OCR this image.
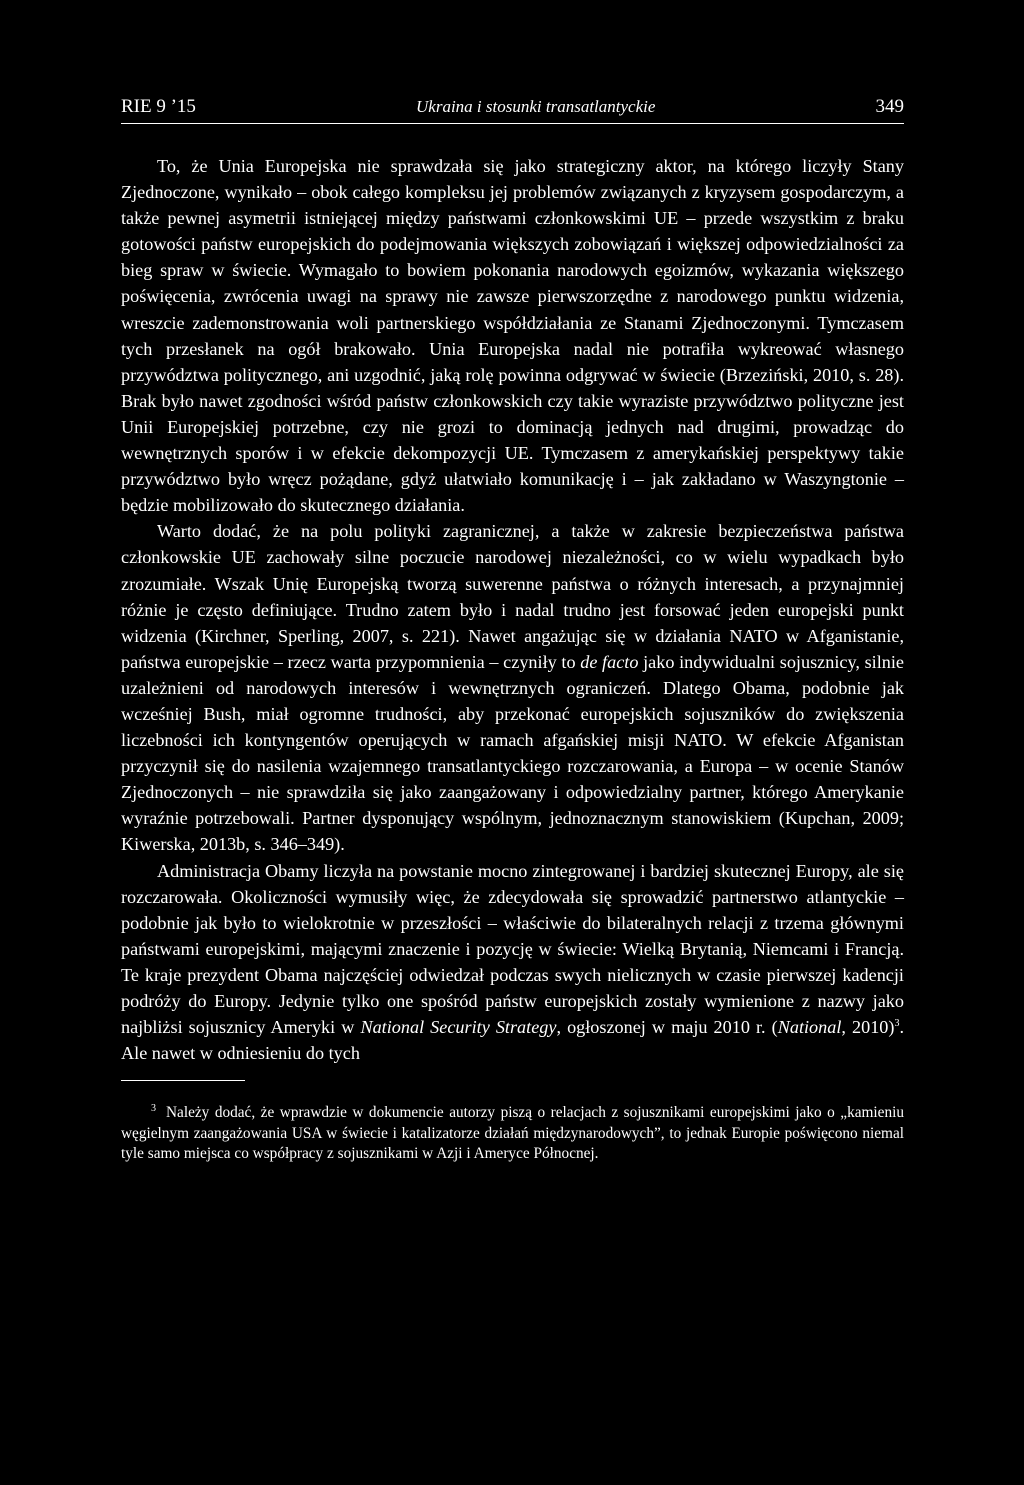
RIE 9 ’15	Ukraina i stosunki transatlantyckie	349

To, że Unia Europejska nie sprawdzała się jako strategiczny aktor, na którego liczyły Stany Zjednoczone, wynikało – obok całego kompleksu jej problemów związanych z kryzysem gospodarczym, a także pewnej asymetrii istniejącej między państwami członkowskimi UE – przede wszystkim z braku gotowości państw europejskich do podejmowania większych zobowiązań i większej odpowiedzialności za bieg spraw w świecie. Wymagało to bowiem pokonania narodowych egoizmów, wykazania większego poświęcenia, zwrócenia uwagi na sprawy nie zawsze pierwszorzędne z narodowego punktu widzenia, wreszcie zademonstrowania woli partnerskiego współdziałania ze Stanami Zjednoczonymi. Tymczasem tych przesłanek na ogół brakowało. Unia Europejska nadal nie potrafiła wykreować własnego przywództwa politycznego, ani uzgodnić, jaką rolę powinna odgrywać w świecie (Brzeziński, 2010, s. 28). Brak było nawet zgodności wśród państw członkowskich czy takie wyraziste przywództwo polityczne jest Unii Europejskiej potrzebne, czy nie grozi to dominacją jednych nad drugimi, prowadząc do wewnętrznych sporów i w efekcie dekompozycji UE. Tymczasem z amerykańskiej perspektywy takie przywództwo było wręcz pożądane, gdyż ułatwiało komunikację i – jak zakładano w Waszyngtonie – będzie mobilizowało do skutecznego działania.

Warto dodać, że na polu polityki zagranicznej, a także w zakresie bezpieczeństwa państwa członkowskie UE zachowały silne poczucie narodowej niezależności, co w wielu wypadkach było zrozumiałe. Wszak Unię Europejską tworzą suwerenne państwa o różnych interesach, a przynajmniej różnie je często definiujące. Trudno zatem było i nadal trudno jest forsować jeden europejski punkt widzenia (Kirchner, Sperling, 2007, s. 221). Nawet angażując się w działania NATO w Afganistanie, państwa europejskie – rzecz warta przypomnienia – czyniły to de facto jako indywidualni sojusznicy, silnie uzależnieni od narodowych interesów i wewnętrznych ograniczeń. Dlatego Obama, podobnie jak wcześniej Bush, miał ogromne trudności, aby przekonać europejskich sojuszników do zwiększenia liczebności ich kontyngentów operujących w ramach afgańskiej misji NATO. W efekcie Afganistan przyczynił się do nasilenia wzajemnego transatlantyckiego rozczarowania, a Europa – w ocenie Stanów Zjednoczonych – nie sprawdziła się jako zaangażowany i odpowiedzialny partner, którego Amerykanie wyraźnie potrzebowali. Partner dysponujący wspólnym, jednoznacznym stanowiskiem (Kupchan, 2009; Kiwerska, 2013b, s. 346–349).

Administracja Obamy liczyła na powstanie mocno zintegrowanej i bardziej skutecznej Europy, ale się rozczarowała. Okoliczności wymusiły więc, że zdecydowała się sprowadzić partnerstwo atlantyckie – podobnie jak było to wielokrotnie w przeszłości – właściwie do bilateralnych relacji z trzema głównymi państwami europejskimi, mającymi znaczenie i pozycję w świecie: Wielką Brytanią, Niemcami i Francją. Te kraje prezydent Obama najczęściej odwiedzał podczas swych nielicznych w czasie pierwszej kadencji podróży do Europy. Jedynie tylko one spośród państw europejskich zostały wymienione z nazwy jako najbliżsi sojusznicy Ameryki w National Security Strategy, ogłoszonej w maju 2010 r. (National, 2010)$^3$. Ale nawet w odniesieniu do tych

$^3$ Należy dodać, że wprawdzie w dokumencie autorzy piszą o relacjach z sojusznikami europejskimi jako o „kamieniu węgielnym zaangażowania USA w świecie i katalizatorze działań międzynarodowych”, to jednak Europie poświęcono niemal tyle samo miejsca co współpracy z sojusznikami w Azji i Ameryce Północnej.
